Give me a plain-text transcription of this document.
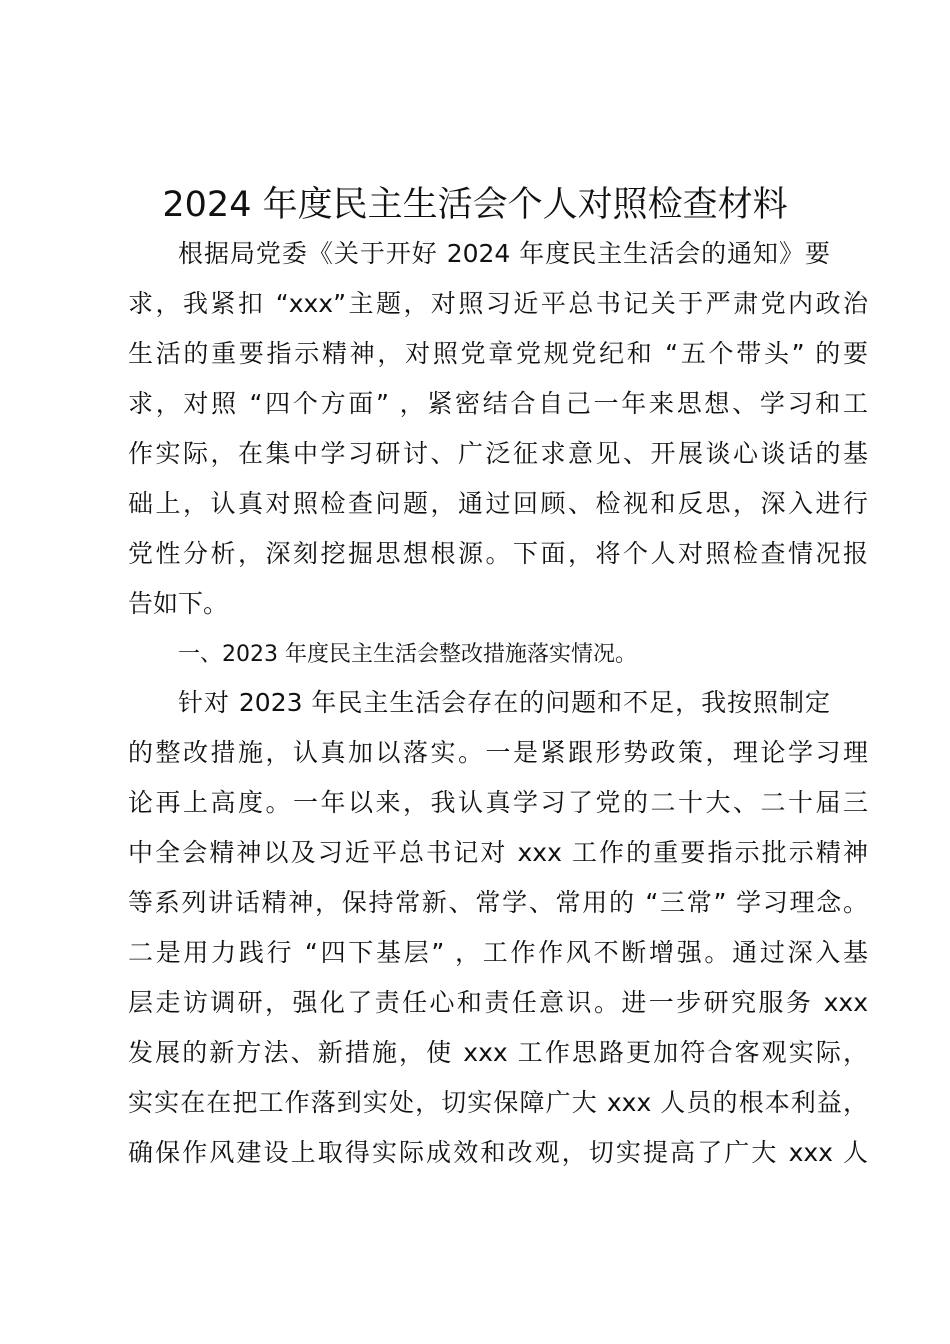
2024 年度民主生活会个人对照检查材料
根据局党委《关于开好 2024 年度民主生活会的通知》要
求，我紧扣 “xxx”主题，对照习近平总书记关于严肃党内政治
生活的重要指示精神，对照党章党规党纪和 “五个带头” 的要
求，对照 “四个方面” ，紧密结合自己一年来思想、学习和工
作实际，在集中学习研讨、广泛征求意见、开展谈心谈话的基
础上，认真对照检查问题，通过回顾、检视和反思，深入进行
党性分析，深刻挖掘思想根源。下面，将个人对照检查情况报
告如下。
一、2023 年度民主生活会整改措施落实情况。
针对 2023 年民主生活会存在的问题和不足，我按照制定
的整改措施，认真加以落实。一是紧跟形势政策，理论学习理
论再上高度。一年以来，我认真学习了党的二十大、二十届三
中全会精神以及习近平总书记对 xxx 工作的重要指示批示精神
等系列讲话精神，保持常新、常学、常用的 “三常” 学习理念。
二是用力践行 “四下基层” ，工作作风不断增强。通过深入基
层走访调研，强化了责任心和责任意识。进一步研究服务 xxx
发展的新方法、新措施，使 xxx 工作思路更加符合客观实际，
实实在在把工作落到实处，切实保障广大 xxx 人员的根本利益，
确保作风建设上取得实际成效和改观，切实提高了广大 xxx 人
